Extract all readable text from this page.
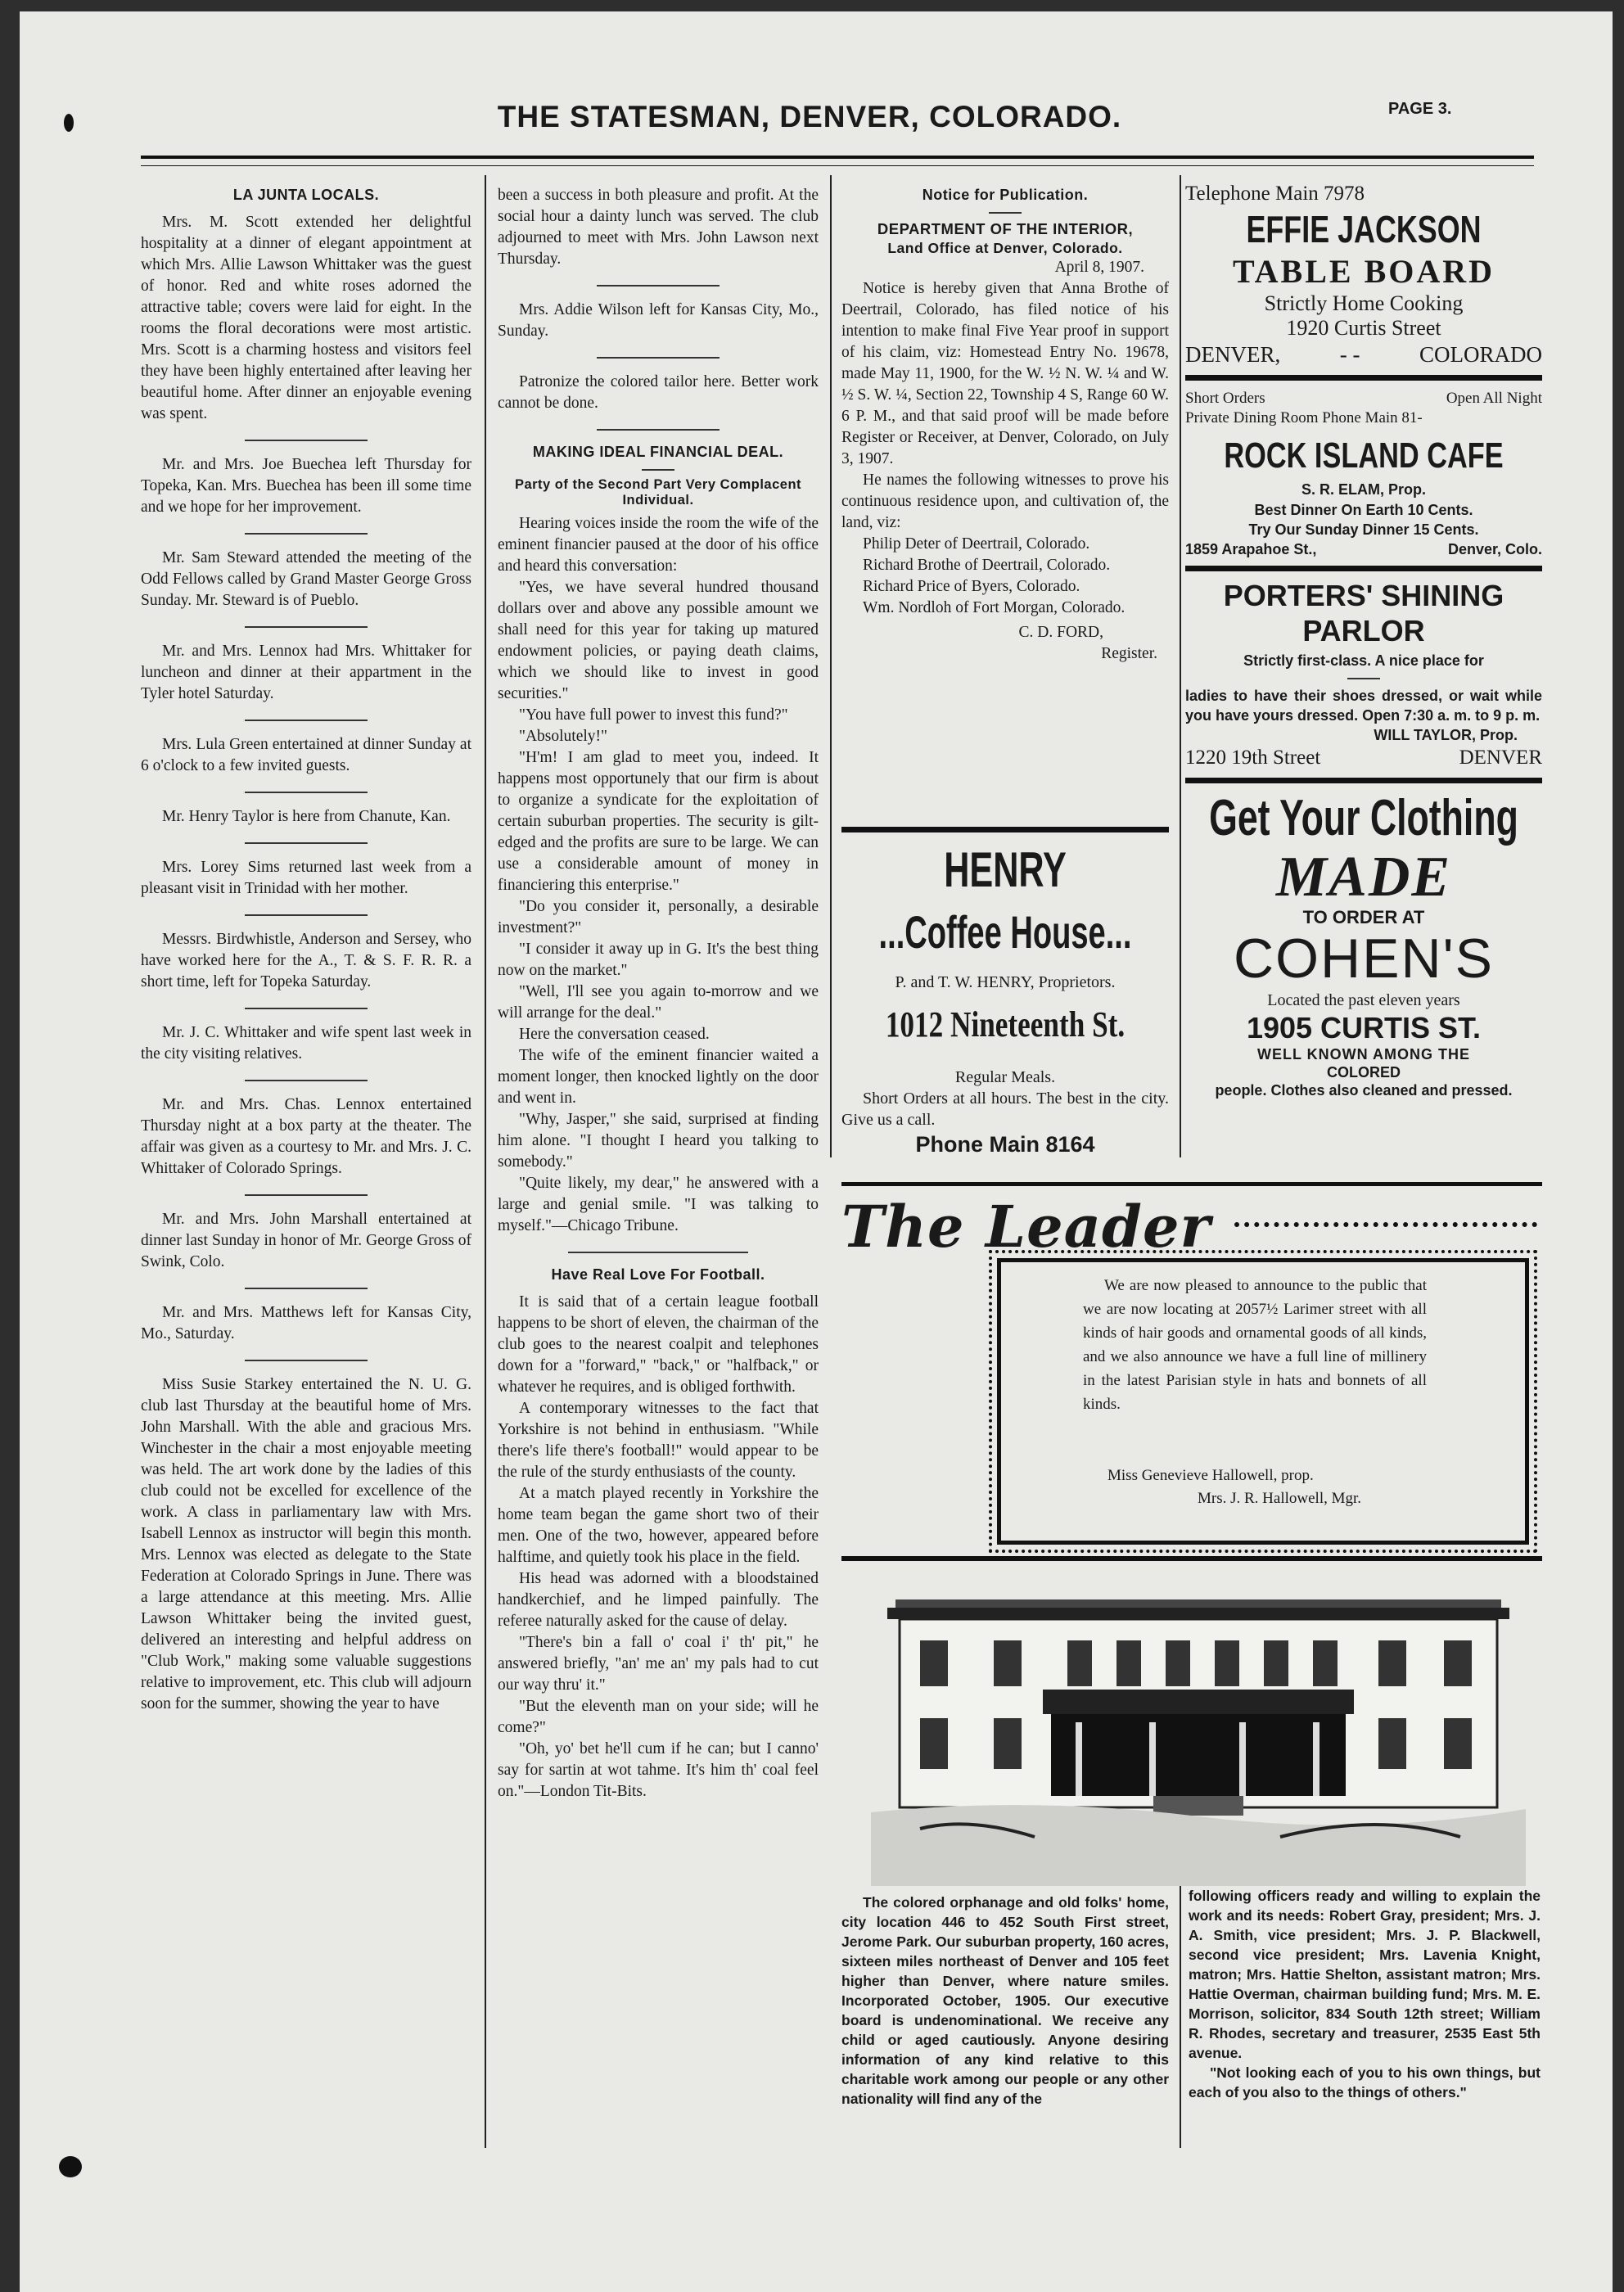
THE STATESMAN, DENVER, COLORADO.	PAGE 3.
LA JUNTA LOCALS.

Mrs. M. Scott extended her delightful hospitality at a dinner of elegant appointment at which Mrs. Allie Lawson Whittaker was the guest of honor. Red and white roses adorned the attractive table; covers were laid for eight. In the rooms the floral decorations were most artistic. Mrs. Scott is a charming hostess and visitors feel they have been highly entertained after leaving her beautiful home. After dinner an enjoyable evening was spent.

Mr. and Mrs. Joe Buechea left Thursday for Topeka, Kan. Mrs. Buechea has been ill some time and we hope for her improvement.

Mr. Sam Steward attended the meeting of the Odd Fellows called by Grand Master George Gross Sunday. Mr. Steward is of Pueblo.

Mr. and Mrs. Lennox had Mrs. Whittaker for luncheon and dinner at their appartment in the Tyler hotel Saturday.

Mrs. Lula Green entertained at dinner Sunday at 6 o'clock to a few invited guests.

Mr. Henry Taylor is here from Chanute, Kan.

Mrs. Lorey Sims returned last week from a pleasant visit in Trinidad with her mother.

Messrs. Birdwhistle, Anderson and Sersey, who have worked here for the A., T. & S. F. R. R. a short time, left for Topeka Saturday.

Mr. J. C. Whittaker and wife spent last week in the city visiting relatives.

Mr. and Mrs. Chas. Lennox entertained Thursday night at a box party at the theater. The affair was given as a courtesy to Mr. and Mrs. J. C. Whittaker of Colorado Springs.

Mr. and Mrs. John Marshall entertained at dinner last Sunday in honor of Mr. George Gross of Swink, Colo.

Mr. and Mrs. Matthews left for Kansas City, Mo., Saturday.

Miss Susie Starkey entertained the N. U. G. club last Thursday at the beautiful home of Mrs. John Marshall. With the able and gracious Mrs. Winchester in the chair a most enjoyable meeting was held. The art work done by the ladies of this club could not be excelled for excellence of the work. A class in parliamentary law with Mrs. Isabell Lennox as instructor will begin this month. Mrs. Lennox was elected as delegate to the State Federation at Colorado Springs in June. There was a large attendance at this meeting. Mrs. Allie Lawson Whittaker being the invited guest, delivered an interesting and helpful address on "Club Work," making some valuable suggestions relative to improvement, etc. This club will adjourn soon for the summer, showing the year to have

been a success in both pleasure and profit. At the social hour a dainty lunch was served. The club adjourned to meet with Mrs. John Lawson next Thursday.

Mrs. Addie Wilson left for Kansas City, Mo., Sunday.

Patronize the colored tailor here. Better work cannot be done.

MAKING IDEAL FINANCIAL DEAL.
Party of the Second Part Very Complacent Individual.

Hearing voices inside the room the wife of the eminent financier paused at the door of his office and heard this conversation:

"Yes, we have several hundred thousand dollars over and above any possible amount we shall need for this year for taking up matured endowment policies, or paying death claims, which we should like to invest in good securities."

"You have full power to invest this fund?"

"Absolutely!"

"H'm! I am glad to meet you, indeed. It happens most opportunely that our firm is about to organize a syndicate for the exploitation of certain suburban properties. The security is gilt-edged and the profits are sure to be large. We can use a considerable amount of money in financiering this enterprise."

"Do you consider it, personally, a desirable investment?"

"I consider it away up in G. It's the best thing now on the market."

"Well, I'll see you again to-morrow and we will arrange for the deal."

Here the conversation ceased.

The wife of the eminent financier waited a moment longer, then knocked lightly on the door and went in.

"Why, Jasper," she said, surprised at finding him alone. "I thought I heard you talking to somebody."

"Quite likely, my dear," he answered with a large and genial smile. "I was talking to myself."—Chicago Tribune.

Have Real Love For Football.

It is said that of a certain league football happens to be short of eleven, the chairman of the club goes to the nearest coalpit and telephones down for a "forward," "back," or "halfback," or whatever he requires, and is obliged forthwith.

A contemporary witnesses to the fact that Yorkshire is not behind in enthusiasm. "While there's life there's football!" would appear to be the rule of the sturdy enthusiasts of the county.

At a match played recently in Yorkshire the home team began the game short two of their men. One of the two, however, appeared before halftime, and quietly took his place in the field.

His head was adorned with a bloodstained handkerchief, and he limped painfully. The referee naturally asked for the cause of delay.

"There's bin a fall o' coal i' th' pit," he answered briefly, "an' me an' my pals had to cut our way thru' it."

"But the eleventh man on your side; will he come?"

"Oh, yo' bet he'll cum if he can; but I canno' say for sartin at wot tahme. It's him th' coal feel on."—London Tit-Bits.

Notice for Publication.
DEPARTMENT OF THE INTERIOR,
Land Office at Denver, Colorado.

April 8, 1907.

Notice is hereby given that Anna Brothe of Deertrail, Colorado, has filed notice of his intention to make final Five Year proof in support of his claim, viz: Homestead Entry No. 19678, made May 11, 1900, for the W. ½ N. W. ¼ and W. ½ S. W. ¼, Section 22, Township 4 S, Range 60 W. 6 P. M., and that said proof will be made before Register or Receiver, at Denver, Colorado, on July 3, 1907.

He names the following witnesses to prove his continuous residence upon, and cultivation of, the land, viz:

Philip Deter of Deertrail, Colorado.

Richard Brothe of Deertrail, Colorado.

Richard Price of Byers, Colorado.

Wm. Nordloh of Fort Morgan, Colorado.

C. D. FORD,

Register.

HENRY
...Coffee House...
P. and T. W. HENRY, Proprietors.
1012 Nineteenth St.
Regular Meals.
Short Orders at all hours. The best in the city. Give us a call.
Phone Main 8164
Telephone Main 7978
EFFIE JACKSON
TABLE BOARD
Strictly Home Cooking
1920 Curtis Street
DENVER,	- -	COLORADO
Short Orders	Open All Night
Private Dining Room Phone Main 81-
ROCK ISLAND CAFE
S. R. ELAM, Prop.
Best Dinner On Earth 10 Cents.
Try Our Sunday Dinner 15 Cents.
1859 Arapahoe St.,	Denver, Colo.
PORTERS' SHINING
PARLOR
Strictly first-class. A nice place for
ladies to have their shoes dressed, or wait while you have yours dressed. Open 7:30 a. m. to 9 p. m.
WILL TAYLOR, Prop.
1220 19th Street	DENVER
Get Your Clothing
MADE
TO ORDER AT
COHEN'S
Located the past eleven years
1905 CURTIS ST.
WELL KNOWN AMONG THE
COLORED
people. Clothes also cleaned and pressed.
The Leader
We are now pleased to announce to the public that we are now locating at 2057½ Larimer street with all kinds of hair goods and ornamental goods of all kinds, and we also announce we have a full line of millinery in the latest Parisian style in hats and bonnets of all kinds.
Miss Genevieve Hallowell, prop.
Mrs. J. R. Hallowell, Mgr.
The colored orphanage and old folks' home, city location 446 to 452 South First street, Jerome Park. Our suburban property, 160 acres, sixteen miles northeast of Denver and 105 feet higher than Denver, where nature smiles. Incorporated October, 1905. Our executive board is undenominational. We receive any child or aged cautiously. Anyone desiring information of any kind relative to this charitable work among our people or any other nationality will find any of the
following officers ready and willing to explain the work and its needs: Robert Gray, president; Mrs. J. A. Smith, vice president; Mrs. J. P. Blackwell, second vice president; Mrs. Lavenia Knight, matron; Mrs. Hattie Shelton, assistant matron; Mrs. Hattie Overman, chairman building fund; Mrs. M. E. Morrison, solicitor, 834 South 12th street; William R. Rhodes, secretary and treasurer, 2535 East 5th avenue.
"Not looking each of you to his own things, but each of you also to the things of others."
